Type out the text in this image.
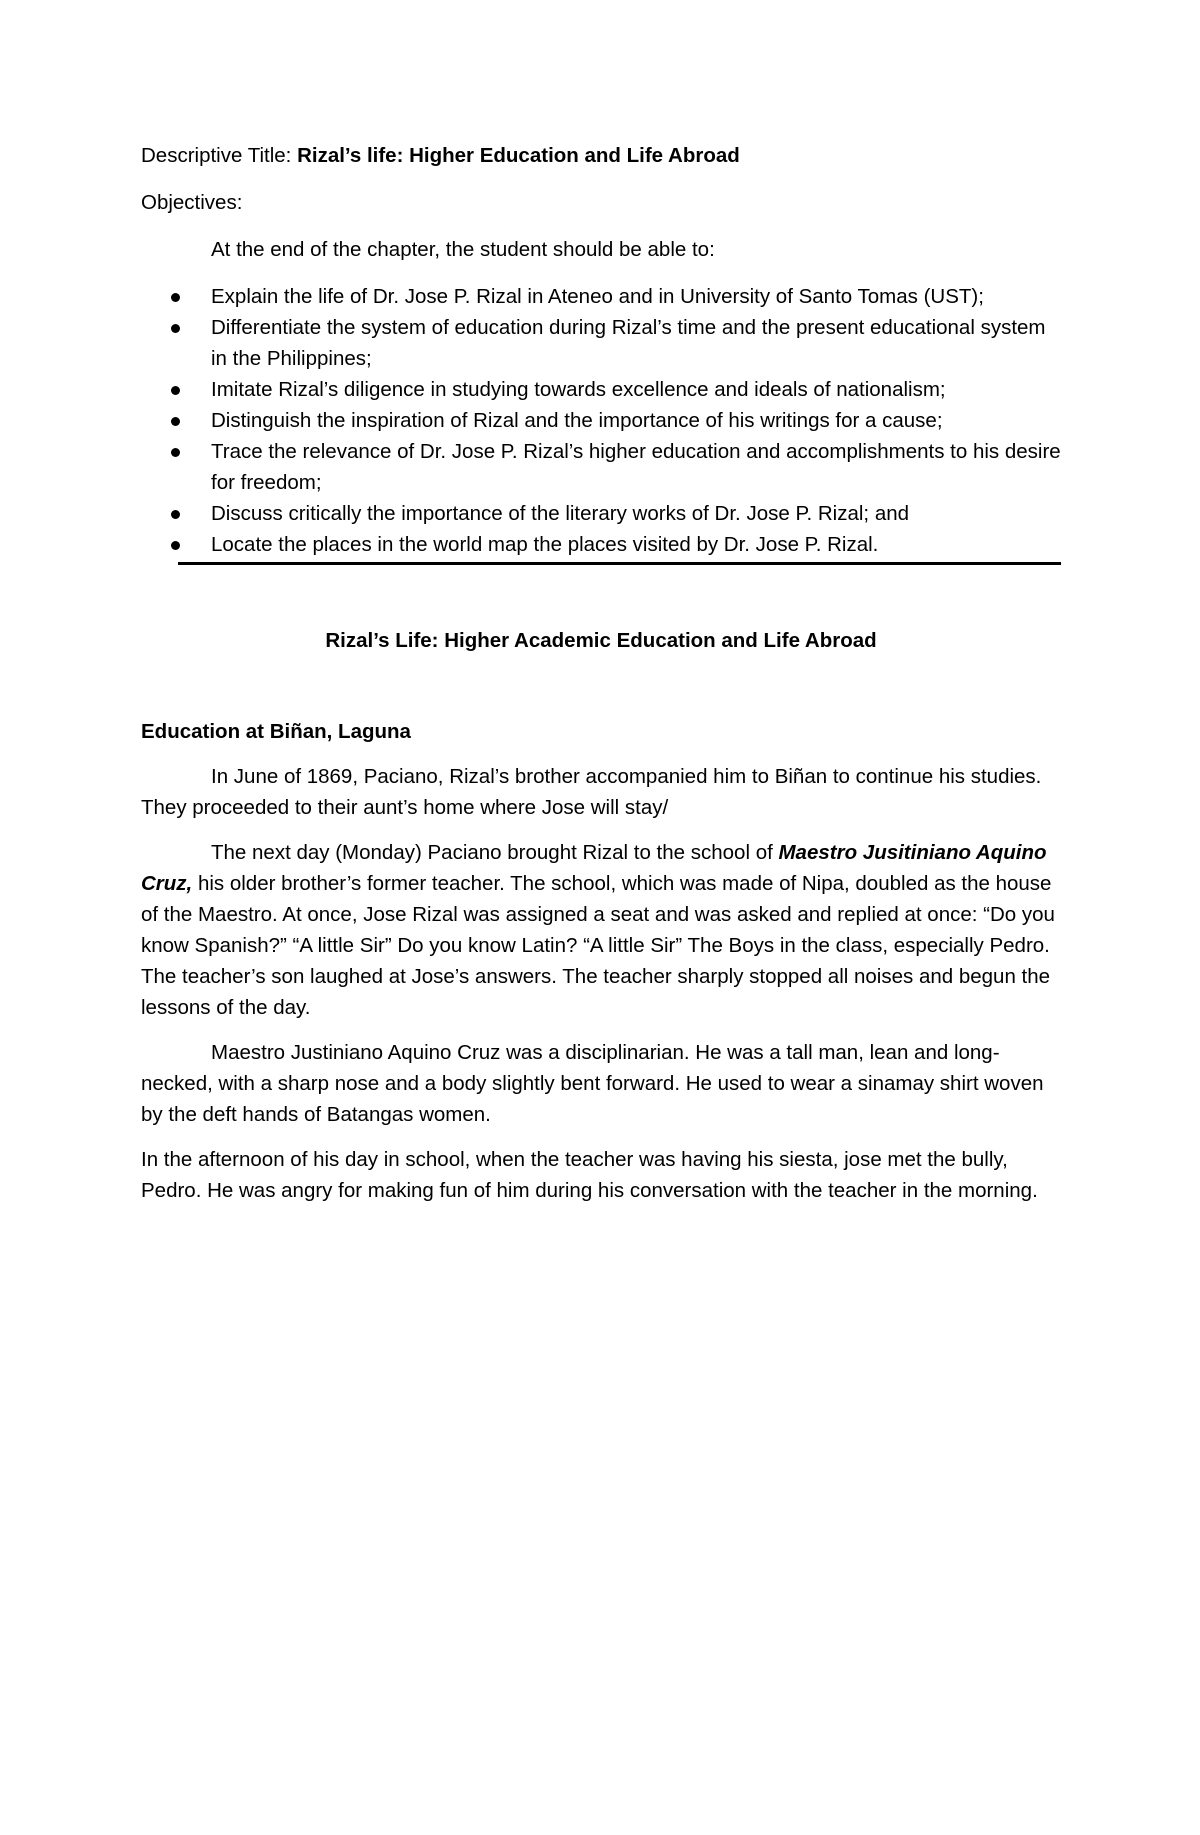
Descriptive Title: Rizal’s life: Higher Education and Life Abroad

Objectives:

At the end of the chapter, the student should be able to:

Explain the life of Dr. Jose P. Rizal in Ateneo and in University of Santo Tomas (UST);
Differentiate the system of education during Rizal’s time and the present educational system in the Philippines;
Imitate Rizal’s diligence in studying towards excellence and ideals of nationalism;
Distinguish the inspiration of Rizal and the importance of his writings for a cause;
Trace the relevance of Dr. Jose P. Rizal’s higher education and accomplishments to his desire for freedom;
Discuss critically the importance of the literary works of Dr. Jose P. Rizal; and
Locate the places in the world map the places visited by Dr. Jose P. Rizal.

Rizal’s Life: Higher Academic Education and Life Abroad

Education at Biñan, Laguna

In June of 1869, Paciano, Rizal’s brother accompanied him to Biñan to continue his studies. They proceeded to their aunt’s home where Jose will stay/

The next day (Monday) Paciano brought Rizal to the school of Maestro Jusitiniano Aquino Cruz, his older brother’s former teacher. The school, which was made of Nipa, doubled as the house of the Maestro. At once, Jose Rizal was assigned a seat and was asked and replied at once: “Do you know Spanish?” “A little Sir” Do you know Latin? “A little Sir” The Boys in the class, especially Pedro. The teacher’s son laughed at Jose’s answers. The teacher sharply stopped all noises and begun the lessons of the day.

Maestro Justiniano Aquino Cruz was a disciplinarian. He was a tall man, lean and long-necked, with a sharp nose and a body slightly bent forward. He used to wear a sinamay shirt woven by the deft hands of Batangas women.

In the afternoon of his day in school, when the teacher was having his siesta, jose met the bully, Pedro. He was angry for making fun of him during his conversation with the teacher in the morning.
